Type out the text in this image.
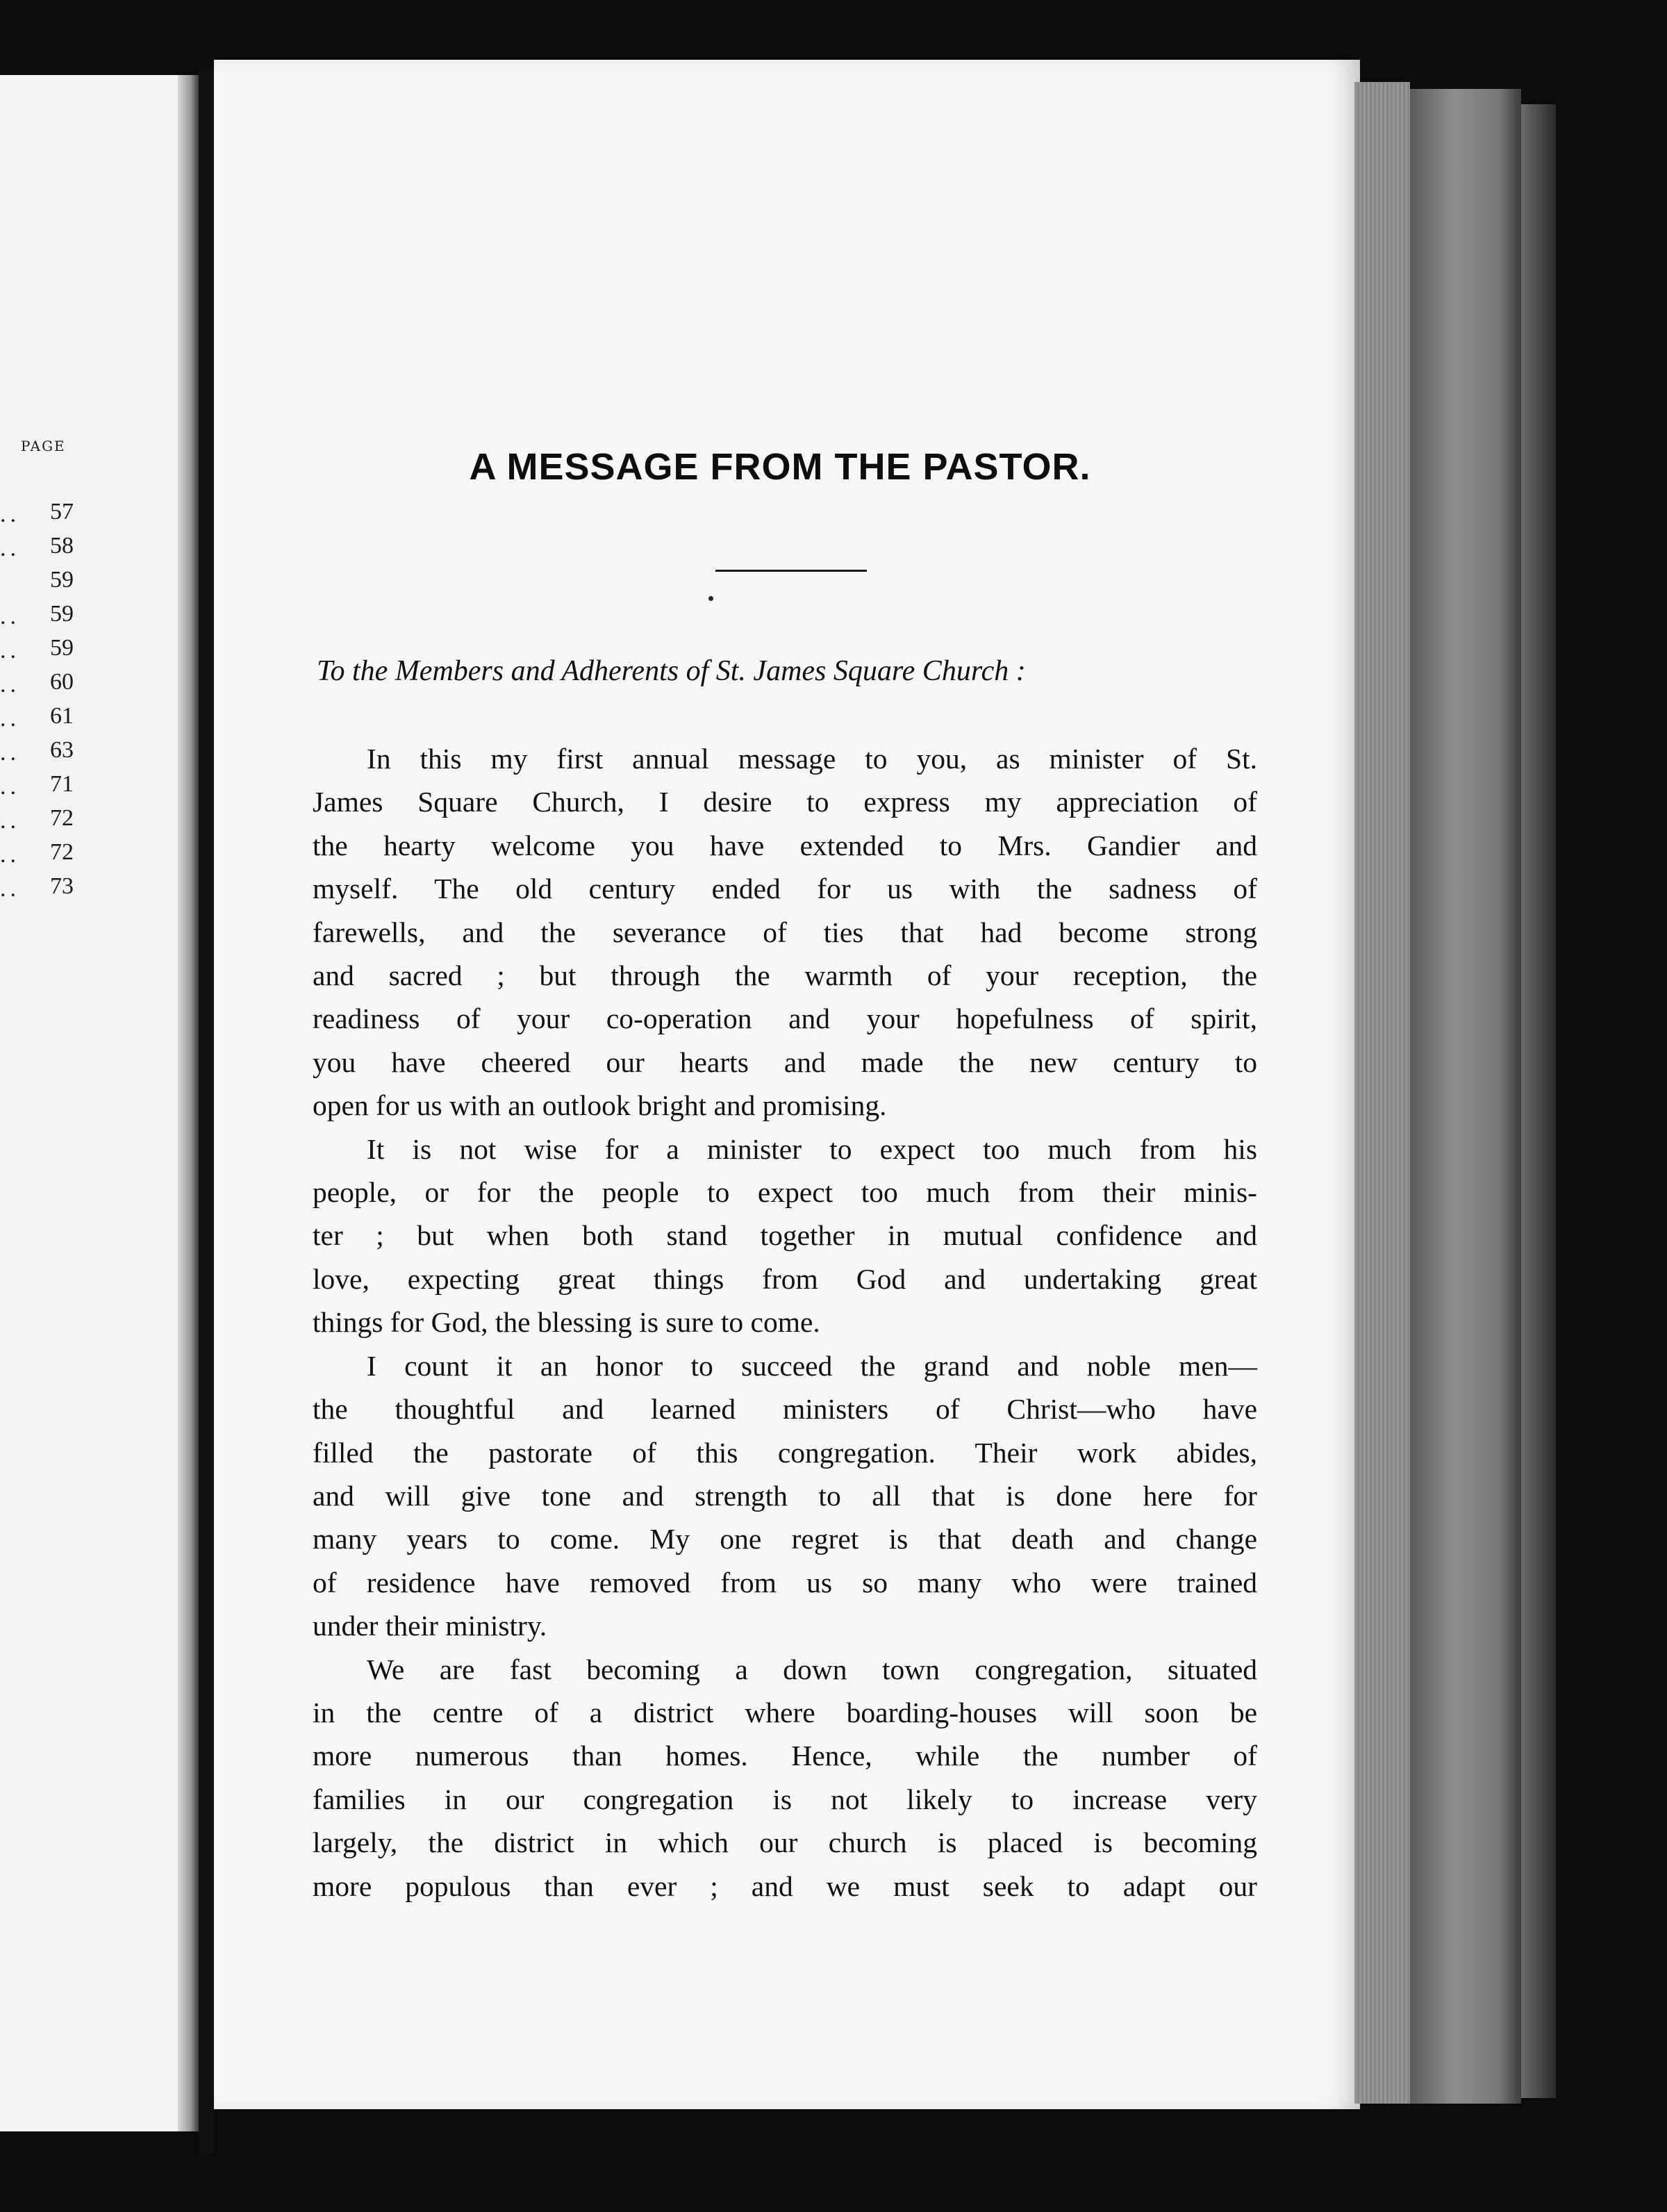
PAGE
.. 57
.. 58
59
.. 59
.. 59
.. 60
.. 61
.. 63
.. 71
.. 72
.. 72
.. 73
A MESSAGE FROM THE PASTOR.

To the Members and Adherents of St. James Square Church :

In this my first annual message to you, as minister of St.
James Square Church, I desire to express my appreciation of
the hearty welcome you have extended to Mrs. Gandier and
myself. The old century ended for us with the sadness of
farewells, and the severance of ties that had become strong
and sacred ; but through the warmth of your reception, the
readiness of your co-operation and your hopefulness of spirit,
you have cheered our hearts and made the new century to
open for us with an outlook bright and promising.

It is not wise for a minister to expect too much from his
people, or for the people to expect too much from their minis-
ter ; but when both stand together in mutual confidence and
love, expecting great things from God and undertaking great
things for God, the blessing is sure to come.

I count it an honor to succeed the grand and noble men—
the thoughtful and learned ministers of Christ—who have
filled the pastorate of this congregation. Their work abides,
and will give tone and strength to all that is done here for
many years to come. My one regret is that death and change
of residence have removed from us so many who were trained
under their ministry.

We are fast becoming a down town congregation, situated
in the centre of a district where boarding-houses will soon be
more numerous than homes. Hence, while the number of
families in our congregation is not likely to increase very
largely, the district in which our church is placed is becoming
more populous than ever ; and we must seek to adapt our
